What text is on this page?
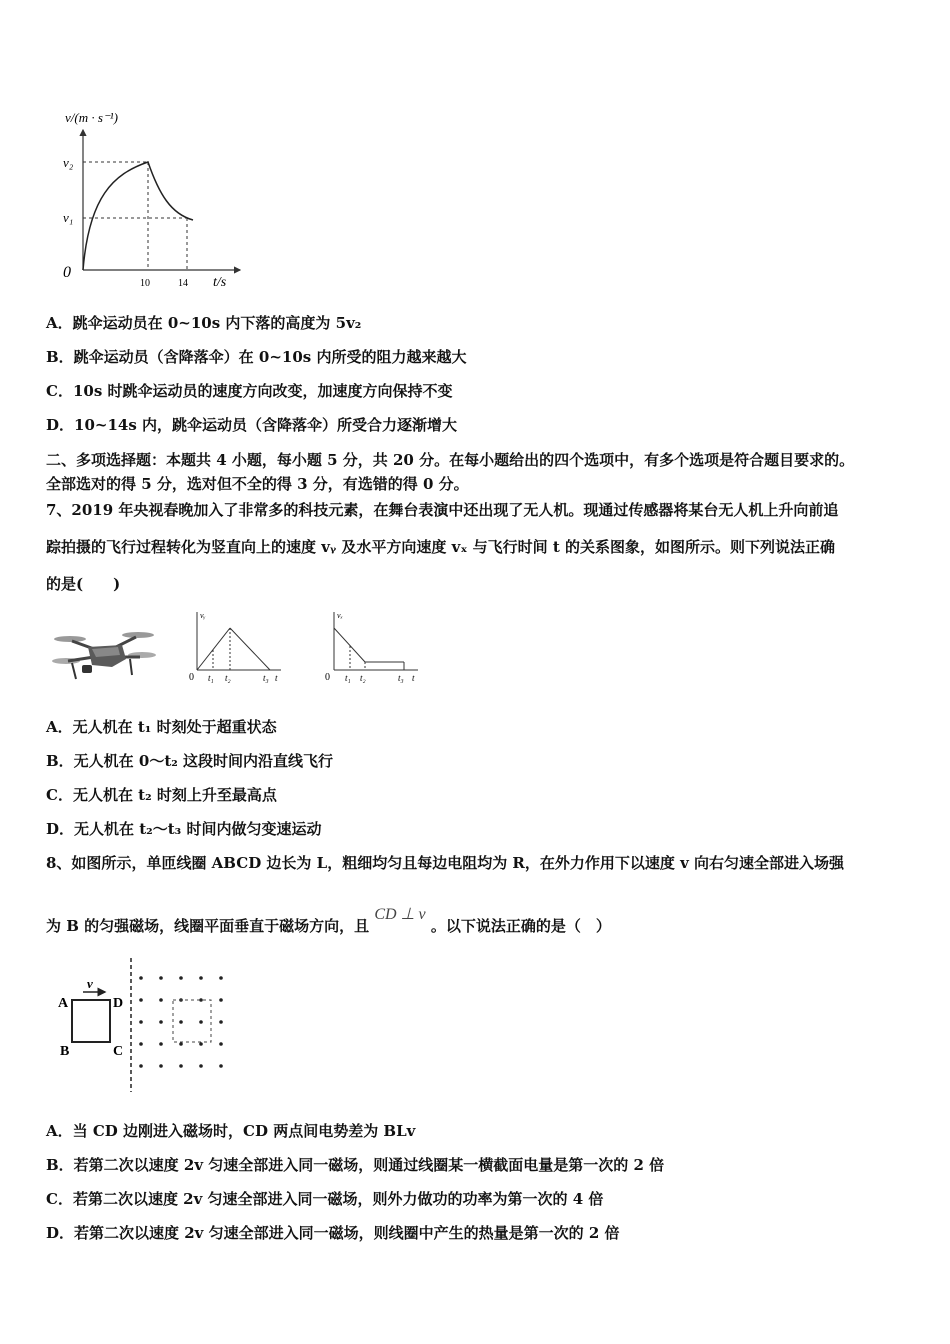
v/(m · s⁻¹)
v₂
v₁
0
10	14 t/s
A．跳伞运动员在 0~10s 内下落的高度为 5v₂
B．跳伞运动员（含降落伞）在 0~10s 内所受的阻力越来越大
C．10s 时跳伞运动员的速度方向改变，加速度方向保持不变
D．10~14s 内，跳伞运动员（含降落伞）所受合力逐渐增大
二、多项选择题：本题共 4 小题，每小题 5 分，共 20 分。在每小题给出的四个选项中，有多个选项是符合题目要求的。
全部选对的得 5 分，选对但不全的得 3 分，有选错的得 0 分。
7、2019 年央视春晚加入了非常多的科技元素，在舞台表演中还出现了无人机。现通过传感器将某台无人机上升向前追
踪拍摄的飞行过程转化为竖直向上的速度 vᵧ 及水平方向速度 vₓ 与飞行时间 t 的关系图象，如图所示。则下列说法正确
的是(　　)
vᵧ
0 t₁ t₂	t₃ t
vₓ
0 t₁ t₂	t₃ t
A．无人机在 t₁ 时刻处于超重状态
B．无人机在 0～t₂ 这段时间内沿直线飞行
C．无人机在 t₂ 时刻上升至最高点
D．无人机在 t₂～t₃ 时间内做匀变速运动
8、如图所示，单匝线圈 ABCD 边长为 L，粗细均匀且每边电阻均为 R，在外力作用下以速度 v 向右匀速全部进入场强
为 B 的匀强磁场，线圈平面垂直于磁场方向，且 CD ⊥ v 。以下说法正确的是（　）
A	D
B	C
v
A．当 CD 边刚进入磁场时，CD 两点间电势差为 BLv
B．若第二次以速度 2v 匀速全部进入同一磁场，则通过线圈某一横截面电量是第一次的 2 倍
C．若第二次以速度 2v 匀速全部进入同一磁场，则外力做功的功率为第一次的 4 倍
D．若第二次以速度 2v 匀速全部进入同一磁场，则线圈中产生的热量是第一次的 2 倍
